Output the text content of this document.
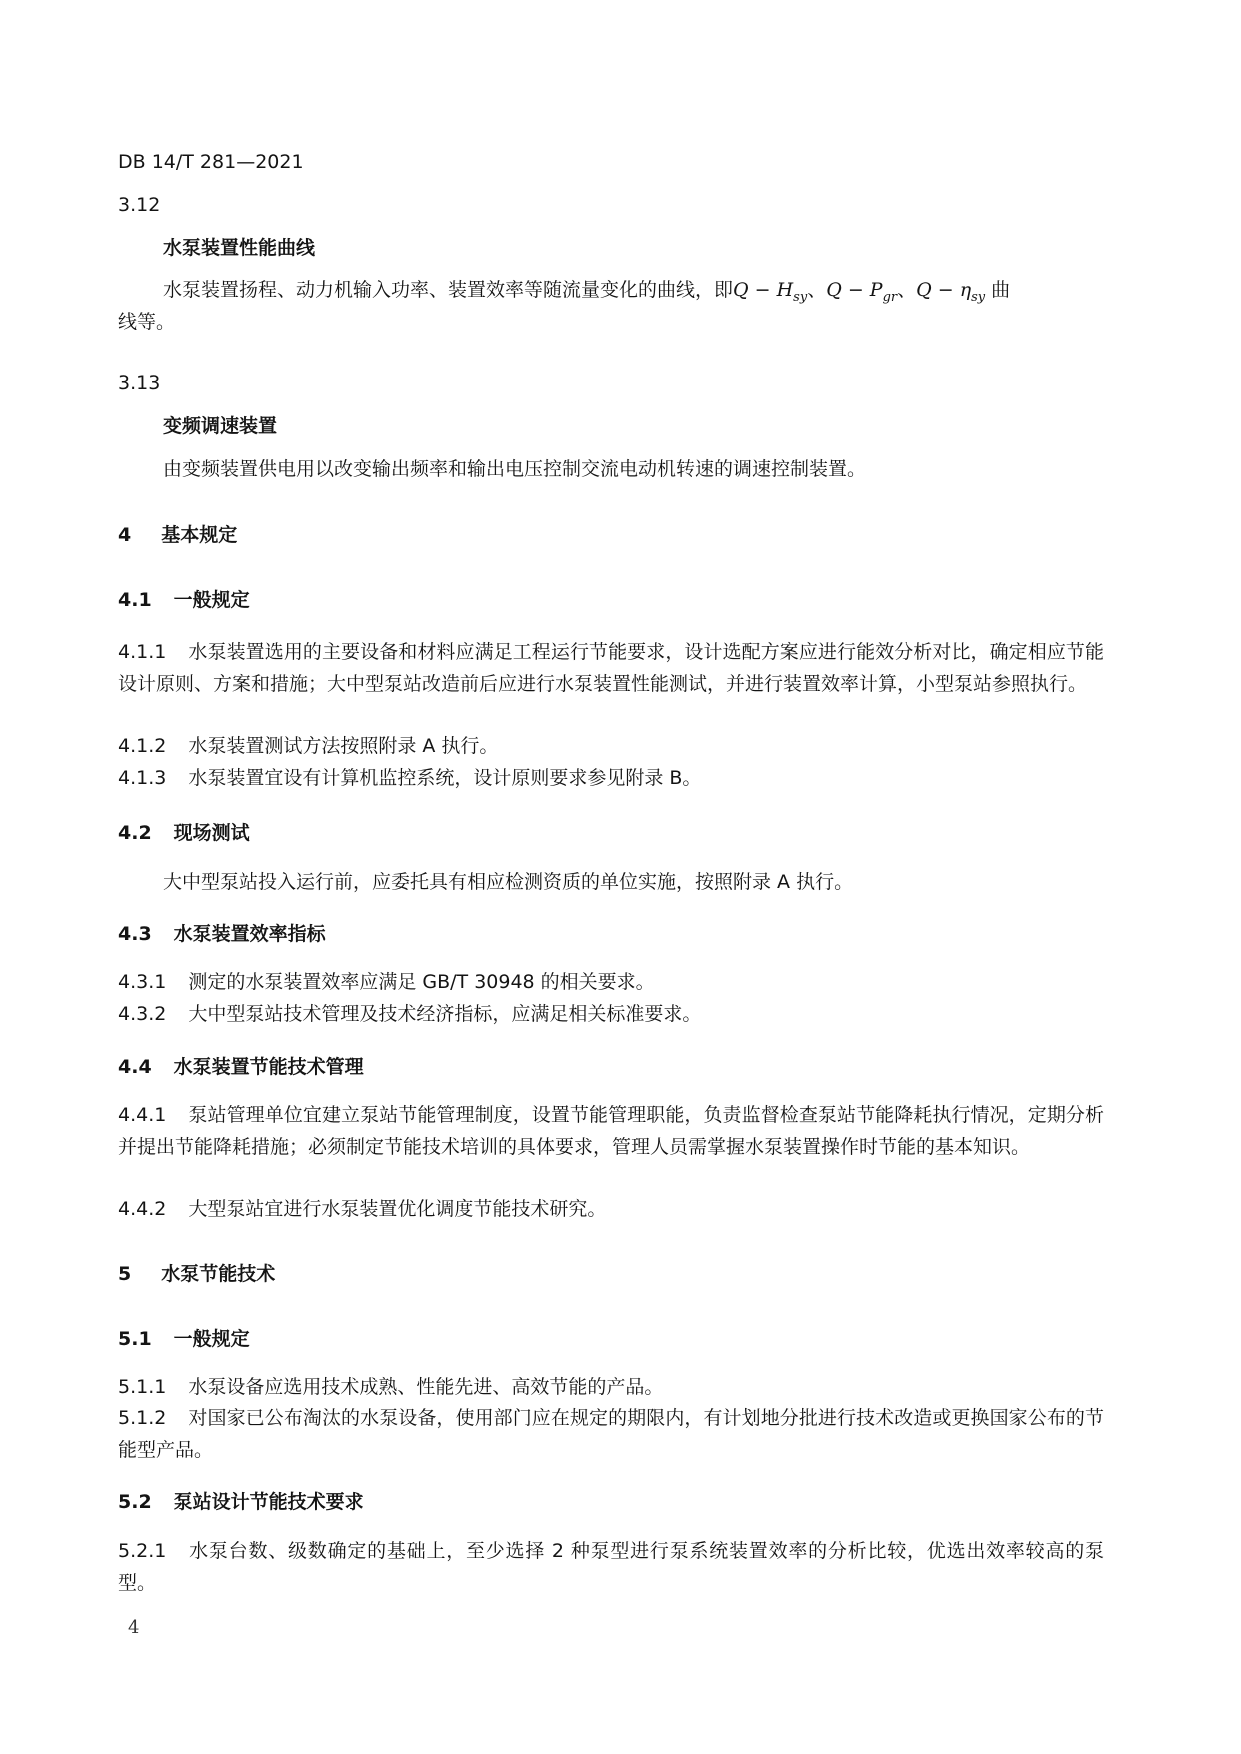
DB 14/T 281—2021
3.12
水泵装置性能曲线
水泵装置扬程、动力机输入功率、装置效率等随流量变化的曲线，即$Q - H_{sy}$、$Q - P_{gr}$、$Q - \eta_{sy}$ 曲
线等。
3.13
变频调速装置
由变频装置供电用以改变输出频率和输出电压控制交流电动机转速的调速控制装置。
4 基本规定
4.1 一般规定
4.1.1 水泵装置选用的主要设备和材料应满足工程运行节能要求，设计选配方案应进行能效分析对比，确定相应节能设计原则、方案和措施；大中型泵站改造前后应进行水泵装置性能测试，并进行装置效率计算，小型泵站参照执行。
4.1.2 水泵装置测试方法按照附录 A 执行。
4.1.3 水泵装置宜设有计算机监控系统，设计原则要求参见附录 B。
4.2 现场测试
大中型泵站投入运行前，应委托具有相应检测资质的单位实施，按照附录 A 执行。
4.3 水泵装置效率指标
4.3.1 测定的水泵装置效率应满足 GB/T 30948 的相关要求。
4.3.2 大中型泵站技术管理及技术经济指标，应满足相关标准要求。
4.4 水泵装置节能技术管理
4.4.1 泵站管理单位宜建立泵站节能管理制度，设置节能管理职能，负责监督检查泵站节能降耗执行情况，定期分析并提出节能降耗措施；必须制定节能技术培训的具体要求，管理人员需掌握水泵装置操作时节能的基本知识。
4.4.2 大型泵站宜进行水泵装置优化调度节能技术研究。
5 水泵节能技术
5.1 一般规定
5.1.1 水泵设备应选用技术成熟、性能先进、高效节能的产品。
5.1.2 对国家已公布淘汰的水泵设备，使用部门应在规定的期限内，有计划地分批进行技术改造或更换国家公布的节能型产品。
5.2 泵站设计节能技术要求
5.2.1 水泵台数、级数确定的基础上，至少选择 2 种泵型进行泵系统装置效率的分析比较，优选出效率较高的泵型。
4
